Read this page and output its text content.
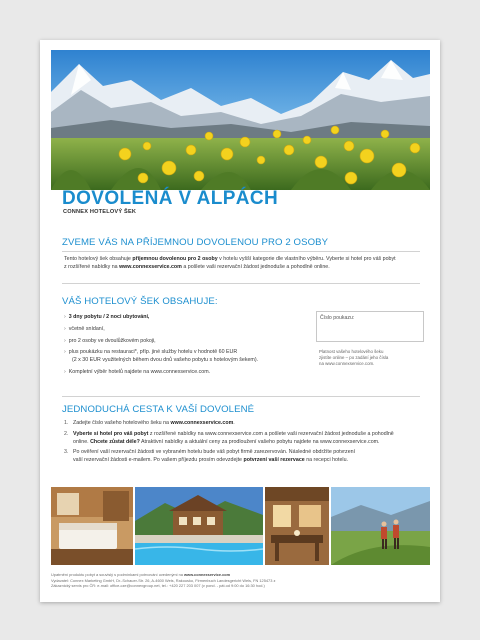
DOVOLENÁ V ALPÁCH

CONNEX HOTELOVÝ ŠEK

ZVEME VÁS NA PŘÍJEMNOU DOVOLENOU PRO 2 OSOBY
Tento hotelový šek obsahuje příjemnou dovolenou pro 2 osoby v hotelu vyšší kategorie dle vlastního výběru. Vyberte si hotel pro váš pobyt
z rozšířené nabídky na www.connexservice.com a pošlete vaši rezervační žádost jednoduše a pohodlně online.
VÁŠ HOTELOVÝ ŠEK OBSAHUJE:
› 3 dny pobytu / 2 noci ubytování,
› včetně snídaní,
› pro 2 osoby ve dvoulůžkovém pokoji,
› plus poukázku na restauraci*, příp. jiné služby hotelu v hodnotě 60 EUR
(2 x 30 EUR využitelných během dvou dnů vašeho pobytu s hotelovým šekem).
› Kompletní výběr hotelů najdete na www.connexservice.com.
Číslo poukazu:
Platnost vašeho hotelového šeku
zjistíte online – po zadání jeho čísla
na www.connexservice.com.
JEDNODUCHÁ CESTA K VAŠÍ DOVOLENÉ
1. Zadejte číslo vašeho hotelového šeku na www.connexservice.com.
2. Vyberte si hotel pro váš pobyt z rozšířené nabídky na www.connexservice.com a pošlete vaši rezervační žádost jednoduše a pohodlně
online. Chcete zůstat déle? Atraktivní nabídky a aktuální ceny za prodloužení vašeho pobytu najdete na www.connexservice.com.
3. Po ověření vaší rezervační žádosti ve vybraném hotelu bude váš pobyt firmě zarezervován. Následné obdržíte potvrzení
vaší rezervační žádosti e-mailem. Po vašem příjezdu prosím odevzdejte potvrzení vaší rezervace na recepci hotelu.
Upatrnění produktu pobyt a souvislý s podmínkami potrvování uvedenými na www.connexservice.com
Vydavatel: Connex Marketing GmbH, Dr.-Schauer-Str. 26, A-4600 Wels, Rakousko, Firmenbuch Landesgericht Wels, FN 125473 z
Zákaznický servis pro ČR: e-mail: office-cze@connexgroup.net, tel.: +420 227 203 007 (v pond. - pát.od 9:00 do 16:30 hod.)
